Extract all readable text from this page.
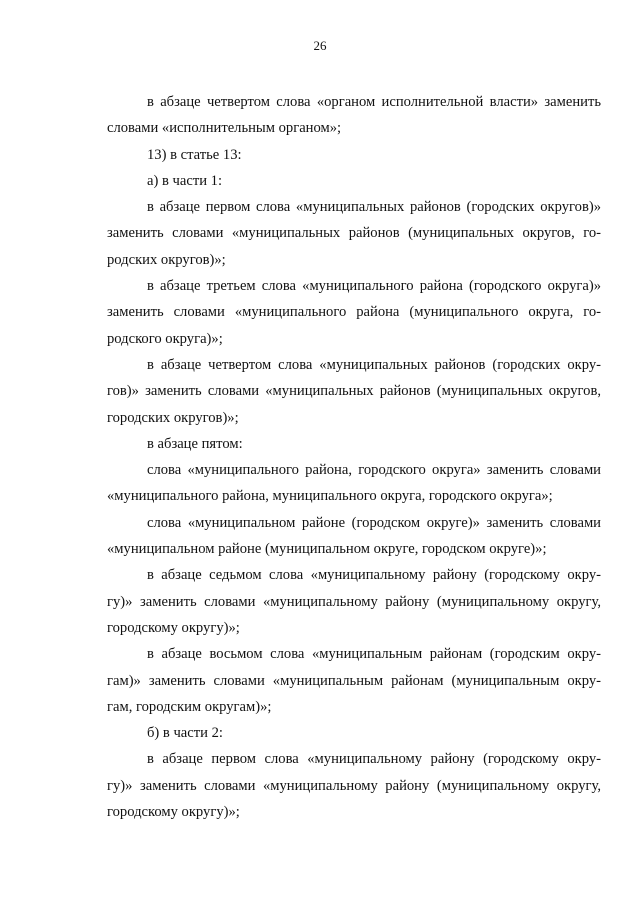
26
в абзаце четвертом слова «органом исполнительной власти» заменить
словами «исполнительным органом»;
13) в статье 13:
а) в части 1:
в абзаце первом слова «муниципальных районов (городских округов)»
заменить словами «муниципальных районов (муниципальных округов, го-
родских округов)»;
в абзаце третьем слова «муниципального района (городского округа)»
заменить словами «муниципального района (муниципального округа, го-
родского округа)»;
в абзаце четвертом слова «муниципальных районов (городских окру-
гов)» заменить словами «муниципальных районов (муниципальных округов,
городских округов)»;
в абзаце пятом:
слова «муниципального района, городского округа» заменить словами
«муниципального района, муниципального округа, городского округа»;
слова «муниципальном районе (городском округе)» заменить словами
«муниципальном районе (муниципальном округе, городском округе)»;
в абзаце седьмом слова «муниципальному району (городскому окру-
гу)» заменить словами «муниципальному району (муниципальному округу,
городскому округу)»;
в абзаце восьмом слова «муниципальным районам (городским окру-
гам)» заменить словами «муниципальным районам (муниципальным окру-
гам, городским округам)»;
б) в части 2:
в абзаце первом слова «муниципальному району (городскому окру-
гу)» заменить словами «муниципальному району (муниципальному округу,
городскому округу)»;
